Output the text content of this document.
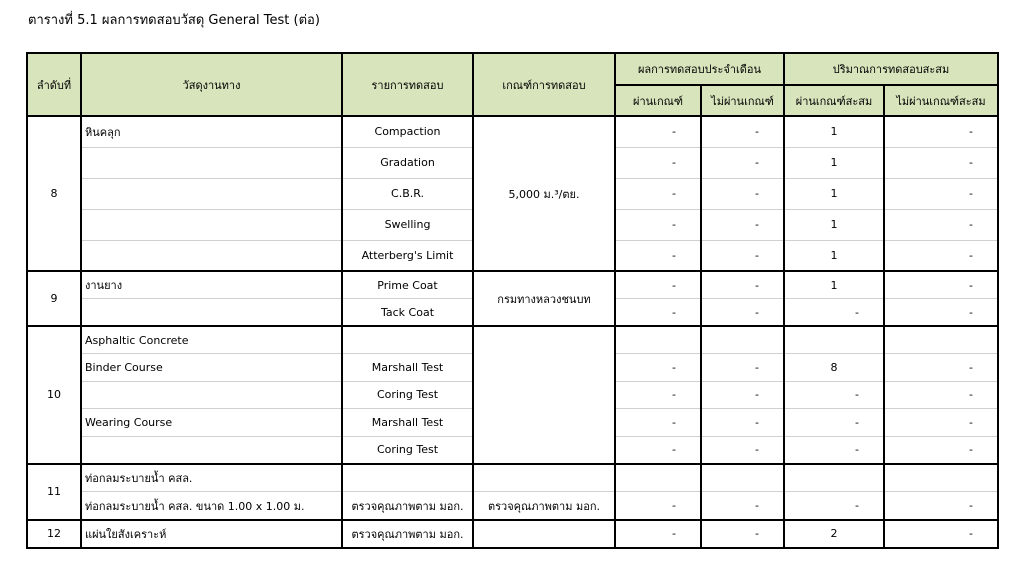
ตารางที่ 5.1 ผลการทดสอบวัสดุ General Test (ต่อ)
ลำดับที่	วัสดุงานทาง	รายการทดสอบ	เกณฑ์การทดสอบ	ผลการทดสอบประจำเดือน		ปริมาณการทดสอบสะสม	
				ผ่านเกณฑ์	ไม่ผ่านเกณฑ์	ผ่านเกณฑ์สะสม	ไม่ผ่านเกณฑ์สะสม
8	หินคลุก	Compaction	5,000 ม.³/ตย.	-	-	1	-
		Gradation		-	-	1	-
		C.B.R.		-	-	1	-
		Swelling		-	-	1	-
		Atterberg's Limit		-	-	1	-
9	งานยาง	Prime Coat	กรมทางหลวงชนบท	-	-	1	-
		Tack Coat		-	-	-	-
10	Asphaltic Concrete						
	Binder Course	Marshall Test		-	-	8	-
		Coring Test		-	-	-	-
	Wearing Course	Marshall Test		-	-	-	-
		Coring Test		-	-	-	-
11	ท่อกลมระบายน้ำ คสล.						
	ท่อกลมระบายน้ำ คสล. ขนาด 1.00 x 1.00 ม.	ตรวจคุณภาพตาม มอก.	ตรวจคุณภาพตาม มอก.	-	-	-	-
12	แผ่นใยสังเคราะห์	ตรวจคุณภาพตาม มอก.		-	-	2	-
